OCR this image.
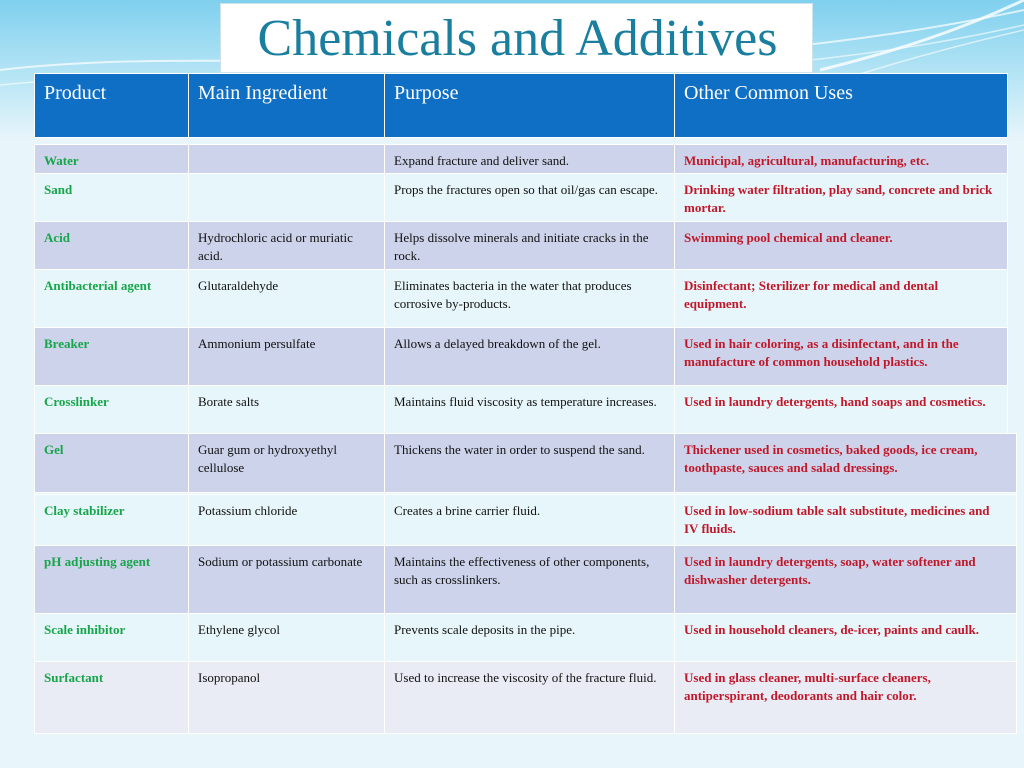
Chemicals and Additives
Product	Main Ingredient	Purpose	Other Common Uses

Water		Expand fracture and deliver sand.	Municipal, agricultural, manufacturing, etc.
Sand		Props the fractures open so that oil/gas can escape.	Drinking water filtration, play sand, concrete and brick mortar.
Acid	Hydrochloric acid or muriatic acid.	Helps dissolve minerals and initiate cracks in the rock.	Swimming pool chemical and cleaner.
Antibacterial agent	Glutaraldehyde	Eliminates bacteria in the water that produces corrosive by-products.	Disinfectant; Sterilizer for medical and dental equipment.
Breaker	Ammonium persulfate	Allows a delayed breakdown of the gel.	Used in hair coloring, as a disinfectant, and in the manufacture of common household plastics.
Crosslinker	Borate salts	Maintains fluid viscosity as temperature increases.	Used in laundry detergents, hand soaps and cosmetics.
Gel	Guar gum or hydroxyethyl cellulose	Thickens the water in order to suspend the sand.	Thickener used in cosmetics, baked goods, ice cream, toothpaste, sauces and salad dressings.
Clay stabilizer	Potassium chloride	Creates a brine carrier fluid.	Used in low-sodium table salt substitute, medicines and IV fluids.
pH adjusting agent	Sodium or potassium carbonate	Maintains the effectiveness of other components, such as crosslinkers.	Used in laundry detergents, soap, water softener and dishwasher detergents.
Scale inhibitor	Ethylene glycol	Prevents scale deposits in the pipe.	Used in household cleaners, de-icer, paints and caulk.
Surfactant	Isopropanol	Used to increase the viscosity of the fracture fluid.	Used in glass cleaner, multi-surface cleaners, antiperspirant, deodorants and hair color.
